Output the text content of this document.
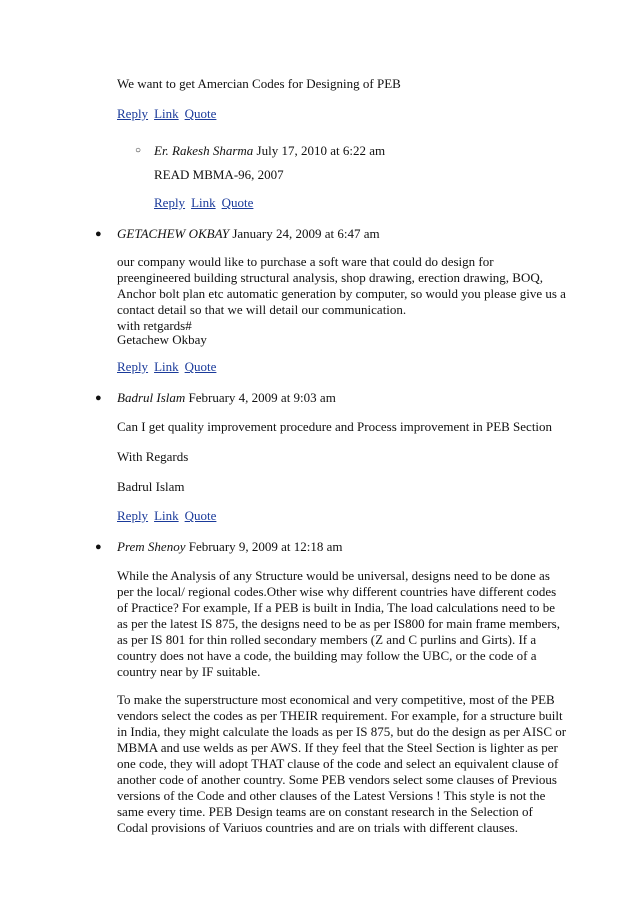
We want to get Amercian Codes for Designing of PEB
Reply Link Quote
○ Er. Rakesh Sharma July 17, 2010 at 6:22 am
READ MBMA-96, 2007
Reply Link Quote
● GETACHEW OKBAY January 24, 2009 at 6:47 am
our company would like to purchase a soft ware that could do design for
preengineered building structural analysis, shop drawing, erection drawing, BOQ,
Anchor bolt plan etc automatic generation by computer, so would you please give us a
contact detail so that we will detail our communication.
with retgards#
Getachew Okbay
Reply Link Quote
● Badrul Islam February 4, 2009 at 9:03 am
Can I get quality improvement procedure and Process improvement in PEB Section
With Regards
Badrul Islam
Reply Link Quote
● Prem Shenoy February 9, 2009 at 12:18 am
While the Analysis of any Structure would be universal, designs need to be done as
per the local/ regional codes.Other wise why different countries have different codes
of Practice? For example, If a PEB is built in India, The load calculations need to be
as per the latest IS 875, the designs need to be as per IS800 for main frame members,
as per IS 801 for thin rolled secondary members (Z and C purlins and Girts). If a
country does not have a code, the building may follow the UBC, or the code of a
country near by IF suitable.
To make the superstructure most economical and very competitive, most of the PEB
vendors select the codes as per THEIR requirement. For example, for a structure built
in India, they might calculate the loads as per IS 875, but do the design as per AISC or
MBMA and use welds as per AWS. If they feel that the Steel Section is lighter as per
one code, they will adopt THAT clause of the code and select an equivalent clause of
another code of another country. Some PEB vendors select some clauses of Previous
versions of the Code and other clauses of the Latest Versions ! This style is not the
same every time. PEB Design teams are on constant research in the Selection of
Codal provisions of Variuos countries and are on trials with different clauses.
